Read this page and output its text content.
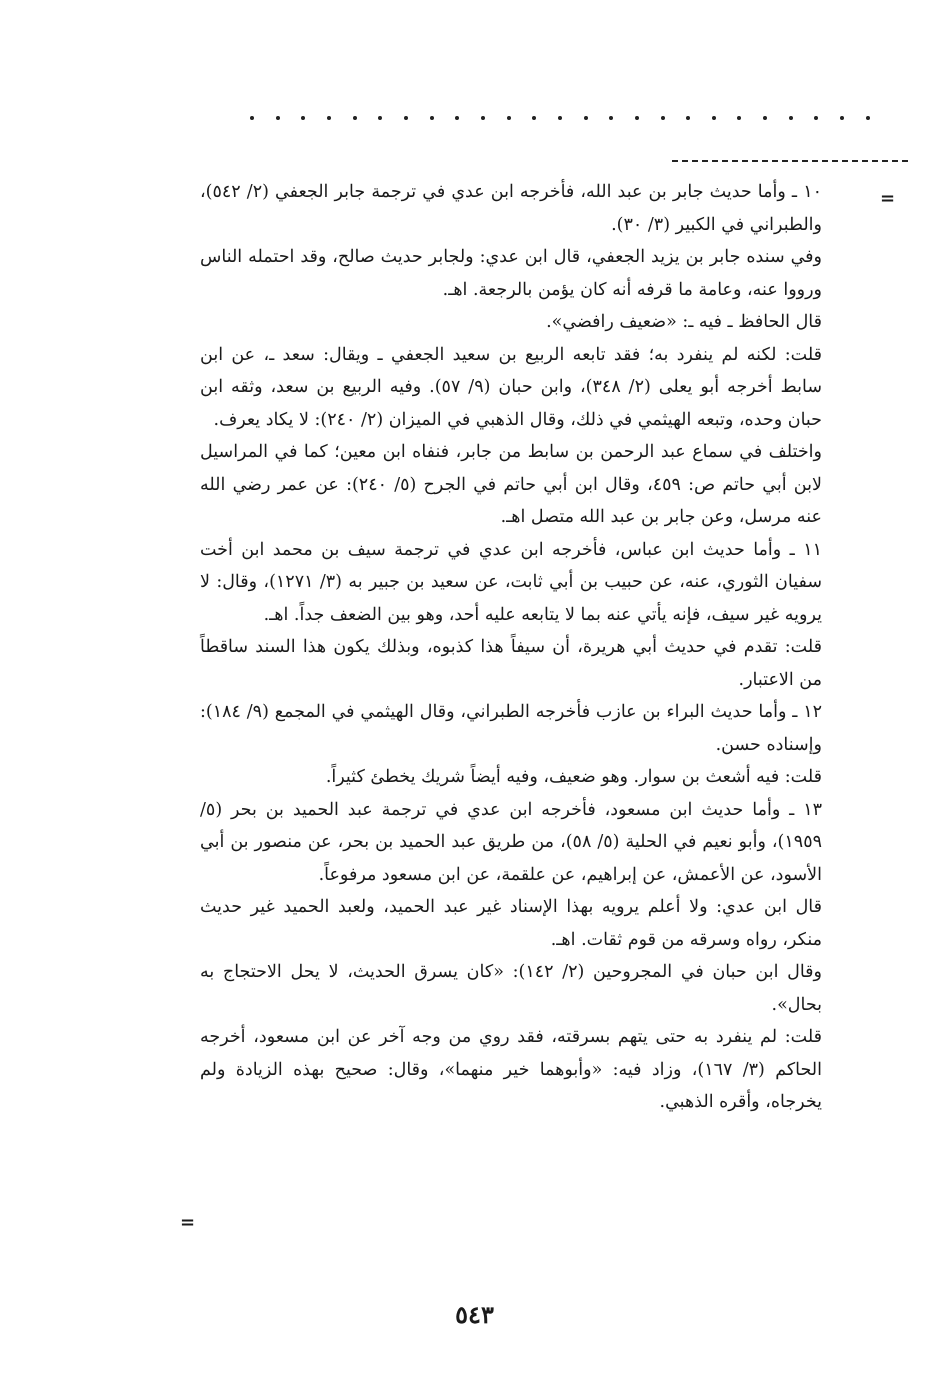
=

١٠ ـ وأما حديث جابر بن عبد الله، فأخرجه ابن عدي في ترجمة جابر الجعفي (٢/ ٥٤٢)، والطبراني في الكبير (٣/ ٣٠).

وفي سنده جابر بن يزيد الجعفي، قال ابن عدي: ولجابر حديث صالح، وقد احتمله الناس ورووا عنه، وعامة ما قرفه أنه كان يؤمن بالرجعة. اهـ.

قال الحافظ ـ فيه ـ: «ضعيف رافضي».

قلت: لكنه لم ينفرد به؛ فقد تابعه الربيع بن سعيد الجعفي ـ ويقال: سعد ـ، عن ابن سابط أخرجه أبو يعلى (٢/ ٣٤٨)، وابن حبان (٩/ ٥٧). وفيه الربيع بن سعد، وثقه ابن حبان وحده، وتبعه الهيثمي في ذلك، وقال الذهبي في الميزان (٢/ ٢٤٠): لا يكاد يعرف.

واختلف في سماع عبد الرحمن بن سابط من جابر، فنفاه ابن معين؛ كما في المراسيل لابن أبي حاتم ص: ٤٥٩، وقال ابن أبي حاتم في الجرح (٥/ ٢٤٠): عن عمر رضي الله عنه مرسل، وعن جابر بن عبد الله متصل اهـ.

١١ ـ وأما حديث ابن عباس، فأخرجه ابن عدي في ترجمة سيف بن محمد ابن أخت سفيان الثوري، عنه، عن حبيب بن أبي ثابت، عن سعيد بن جبير به (٣/ ١٢٧١)، وقال: لا يرويه غير سيف، فإنه يأتي عنه بما لا يتابعه عليه أحد، وهو بين الضعف جداً. اهـ.

قلت: تقدم في حديث أبي هريرة، أن سيفاً هذا كذبوه، وبذلك يكون هذا السند ساقطاً من الاعتبار.

١٢ ـ وأما حديث البراء بن عازب فأخرجه الطبراني، وقال الهيثمي في المجمع (٩/ ١٨٤): وإسناده حسن.

قلت: فيه أشعث بن سوار. وهو ضعيف، وفيه أيضاً شريك يخطئ كثيراً.

١٣ ـ وأما حديث ابن مسعود، فأخرجه ابن عدي في ترجمة عبد الحميد بن بحر (٥/ ١٩٥٩)، وأبو نعيم في الحلية (٥/ ٥٨)، من طريق عبد الحميد بن بحر، عن منصور بن أبي الأسود، عن الأعمش، عن إبراهيم، عن علقمة، عن ابن مسعود مرفوعاً.

قال ابن عدي: ولا أعلم يرويه بهذا الإسناد غير عبد الحميد، ولعبد الحميد غير حديث منكر، رواه وسرقه من قوم ثقات. اهـ.

وقال ابن حبان في المجروحين (٢/ ١٤٢): «كان يسرق الحديث، لا يحل الاحتجاج به بحال».

قلت: لم ينفرد به حتى يتهم بسرقته، فقد روي من وجه آخر عن ابن مسعود، أخرجه الحاكم (٣/ ١٦٧)، وزاد فيه: «وأبوهما خير منهما»، وقال: صحيح بهذه الزيادة ولم يخرجاه، وأقره الذهبي.

=
٥٤٣
